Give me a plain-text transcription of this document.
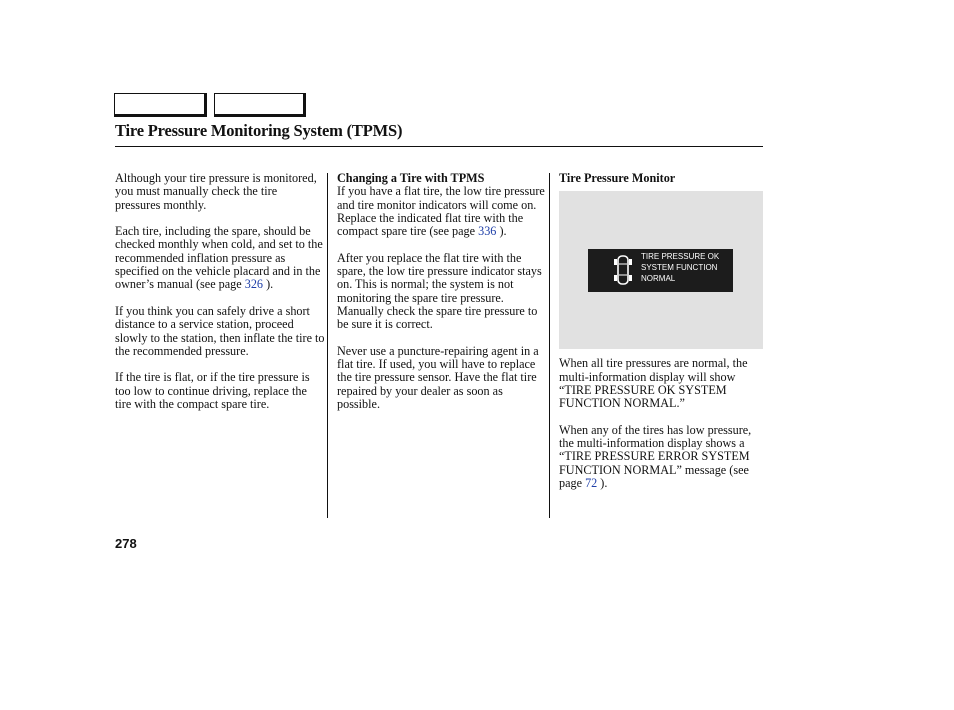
Tire Pressure Monitoring System (TPMS)

Although your tire pressure is monitored, you must manually check the tire pressures monthly.

Each tire, including the spare, should be checked monthly when cold, and set to the recommended inflation pressure as specified on the vehicle placard and in the owner’s manual (see page 326 ).

If you think you can safely drive a short distance to a service station, proceed slowly to the station, then inflate the tire to the recommended pressure.

If the tire is flat, or if the tire pressure is too low to continue driving, replace the tire with the compact spare tire.

Changing a Tire with TPMS

If you have a flat tire, the low tire pressure and tire monitor indicators will come on. Replace the indicated flat tire with the compact spare tire (see page 336 ).

After you replace the flat tire with the spare, the low tire pressure indicator stays on. This is normal; the system is not monitoring the spare tire pressure. Manually check the spare tire pressure to be sure it is correct.

Never use a puncture-repairing agent in a flat tire. If used, you will have to replace the tire pressure sensor. Have the flat tire repaired by your dealer as soon as possible.

Tire Pressure Monitor
TIRE PRESSURE OK
SYSTEM FUNCTION
NORMAL

When all tire pressures are normal, the multi-information display will show “TIRE PRESSURE OK SYSTEM FUNCTION NORMAL.”

When any of the tires has low pressure, the multi-information display shows a “TIRE PRESSURE ERROR SYSTEM FUNCTION NORMAL” message (see page 72 ).

278
